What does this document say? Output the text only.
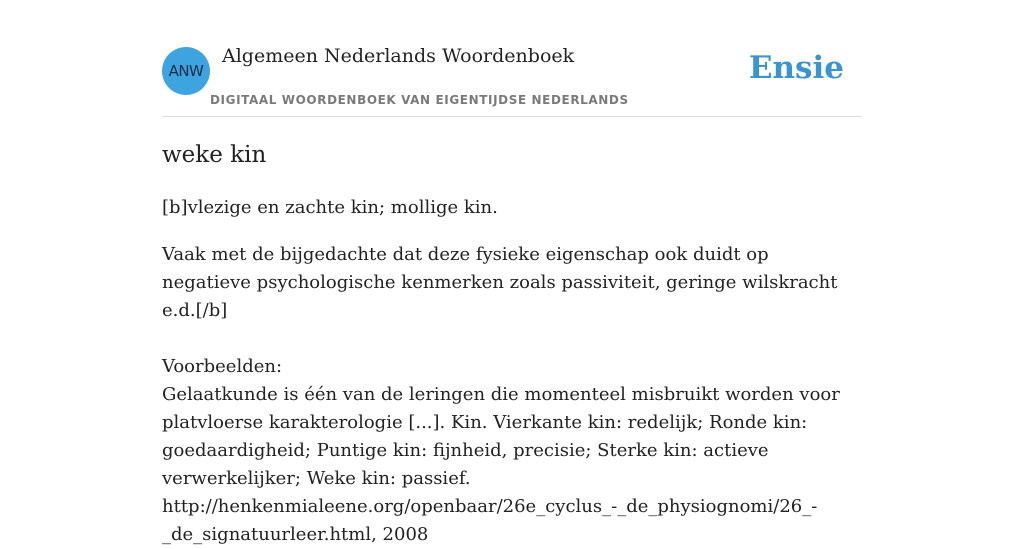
ANW
Algemeen Nederlands Woordenboek
DIGITAAL WOORDENBOEK VAN EIGENTIJDSE NEDERLANDS
Ensie
weke kin

[b]vlezige en zachte kin; mollige kin.

Vaak met de bijgedachte dat deze fysieke eigenschap ook duidt op negatieve psychologische kenmerken zoals passiviteit, geringe wilskracht e.d.[/b]

Voorbeelden:

Gelaatkunde is één van de leringen die momenteel misbruikt worden voor platvloerse karakterologie [...]. Kin. Vierkante kin: redelijk; Ronde kin: goedaardigheid; Puntige kin: fijnheid, precisie; Sterke kin: actieve verwerkelijker; Weke kin: passief.

http://henkenmialeene.org/openbaar/26e_cyclus_-_de_physiognomi/26_-_de_signatuurleer.html, 2008
